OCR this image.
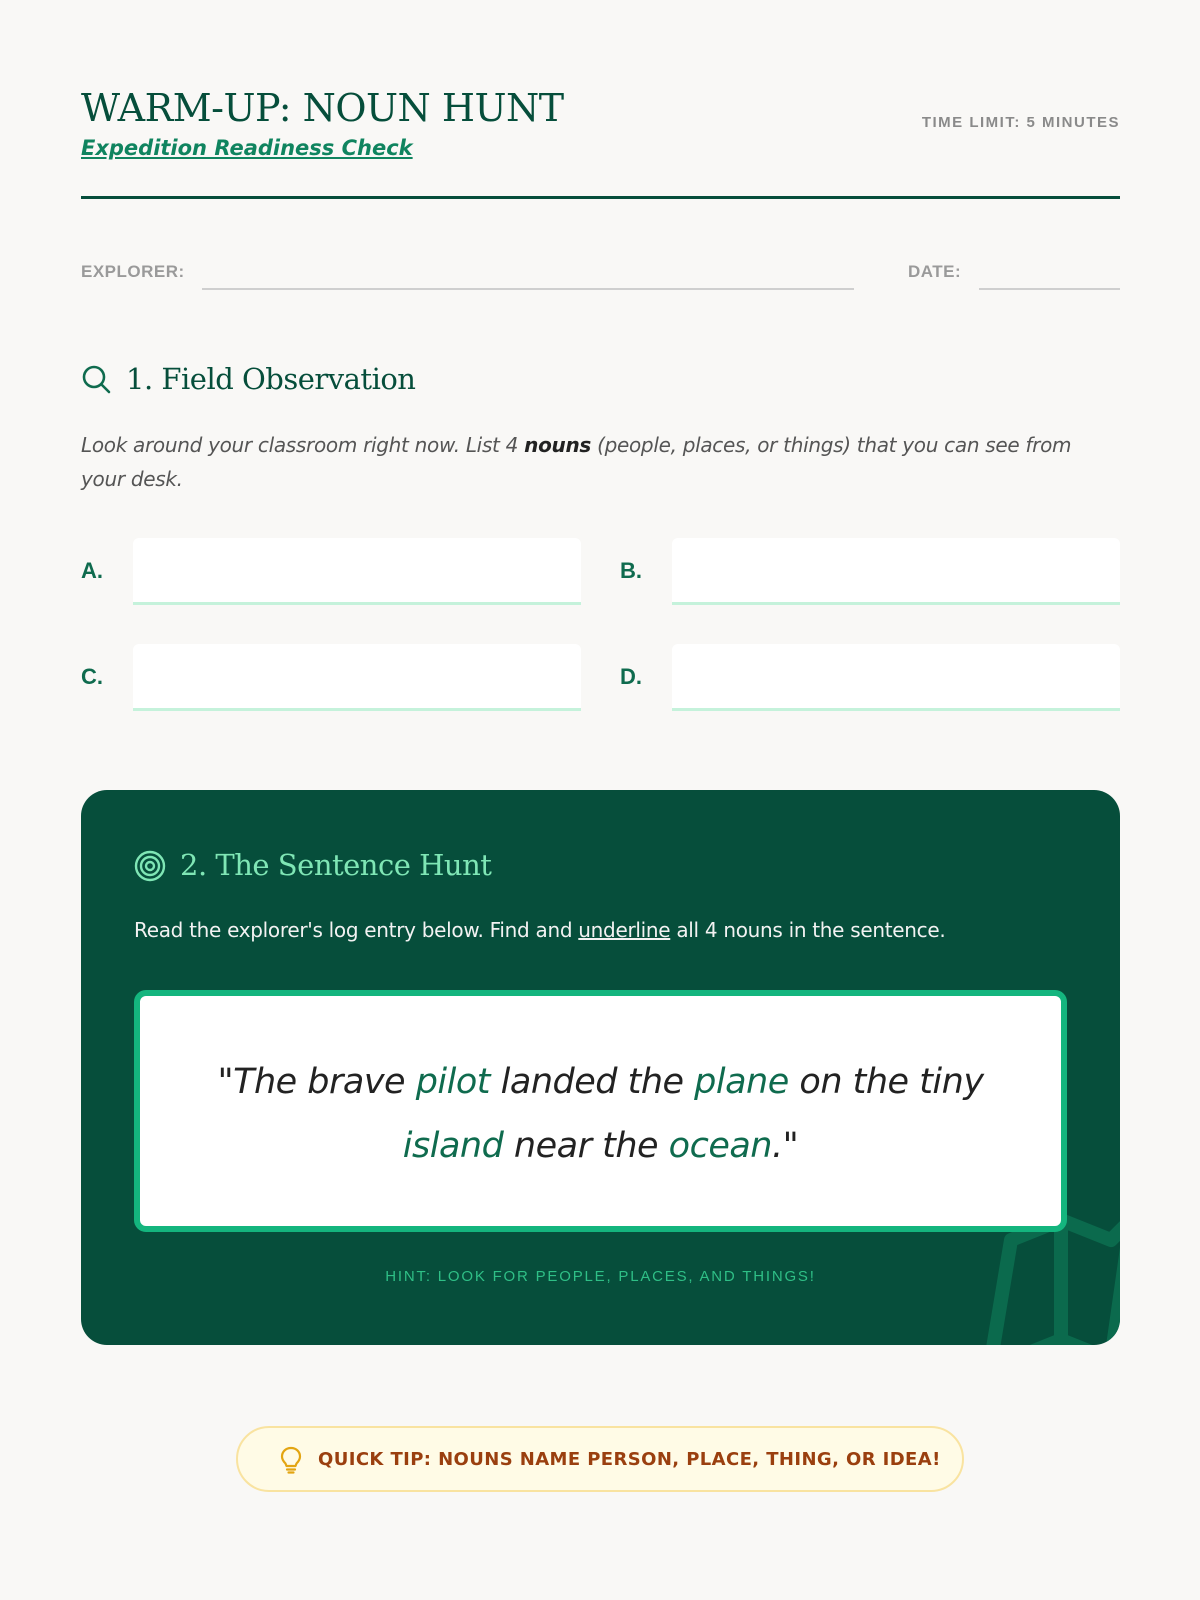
WARM-UP: NOUN HUNT
Expedition Readiness Check
TIME LIMIT: 5 MINUTES
EXPLORER:	DATE:
1. Field Observation
Look around your classroom right now. List 4 nouns (people, places, or things) that you can see from your desk.
A.	B.
C.	D.
2. The Sentence Hunt
Read the explorer's log entry below. Find and underline all 4 nouns in the sentence.
"The brave pilot landed the plane on the tiny
island near the ocean."
HINT: LOOK FOR PEOPLE, PLACES, AND THINGS!
QUICK TIP: NOUNS NAME PERSON, PLACE, THING, OR IDEA!
